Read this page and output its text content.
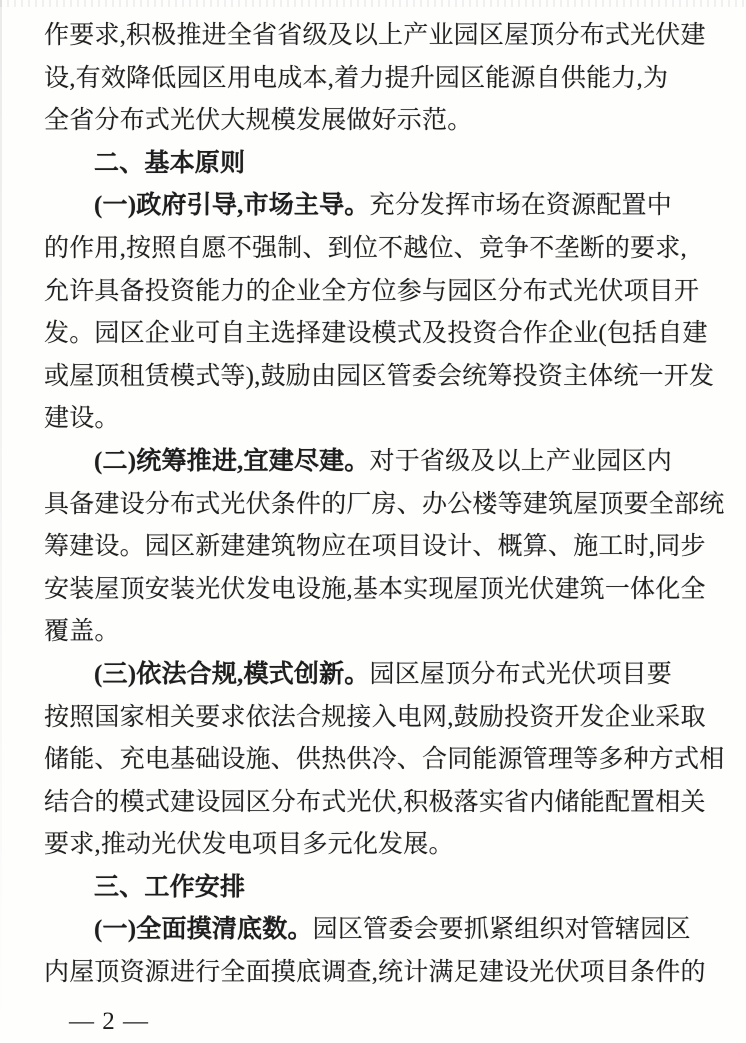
作要求,积极推进全省省级及以上产业园区屋顶分布式光伏建
设,有效降低园区用电成本,着力提升园区能源自供能力,为
全省分布式光伏大规模发展做好示范。
二、基本原则
(一)政府引导,市场主导。充分发挥市场在资源配置中
的作用,按照自愿不强制、到位不越位、竞争不垄断的要求,
允许具备投资能力的企业全方位参与园区分布式光伏项目开
发。园区企业可自主选择建设模式及投资合作企业(包括自建
或屋顶租赁模式等),鼓励由园区管委会统筹投资主体统一开发
建设。
(二)统筹推进,宜建尽建。对于省级及以上产业园区内
具备建设分布式光伏条件的厂房、办公楼等建筑屋顶要全部统
筹建设。园区新建建筑物应在项目设计、概算、施工时,同步
安装屋顶安装光伏发电设施,基本实现屋顶光伏建筑一体化全
覆盖。
(三)依法合规,模式创新。园区屋顶分布式光伏项目要
按照国家相关要求依法合规接入电网,鼓励投资开发企业采取
储能、充电基础设施、供热供冷、合同能源管理等多种方式相
结合的模式建设园区分布式光伏,积极落实省内储能配置相关
要求,推动光伏发电项目多元化发展。
三、工作安排
(一)全面摸清底数。园区管委会要抓紧组织对管辖园区
内屋顶资源进行全面摸底调查,统计满足建设光伏项目条件的
— 2 —
